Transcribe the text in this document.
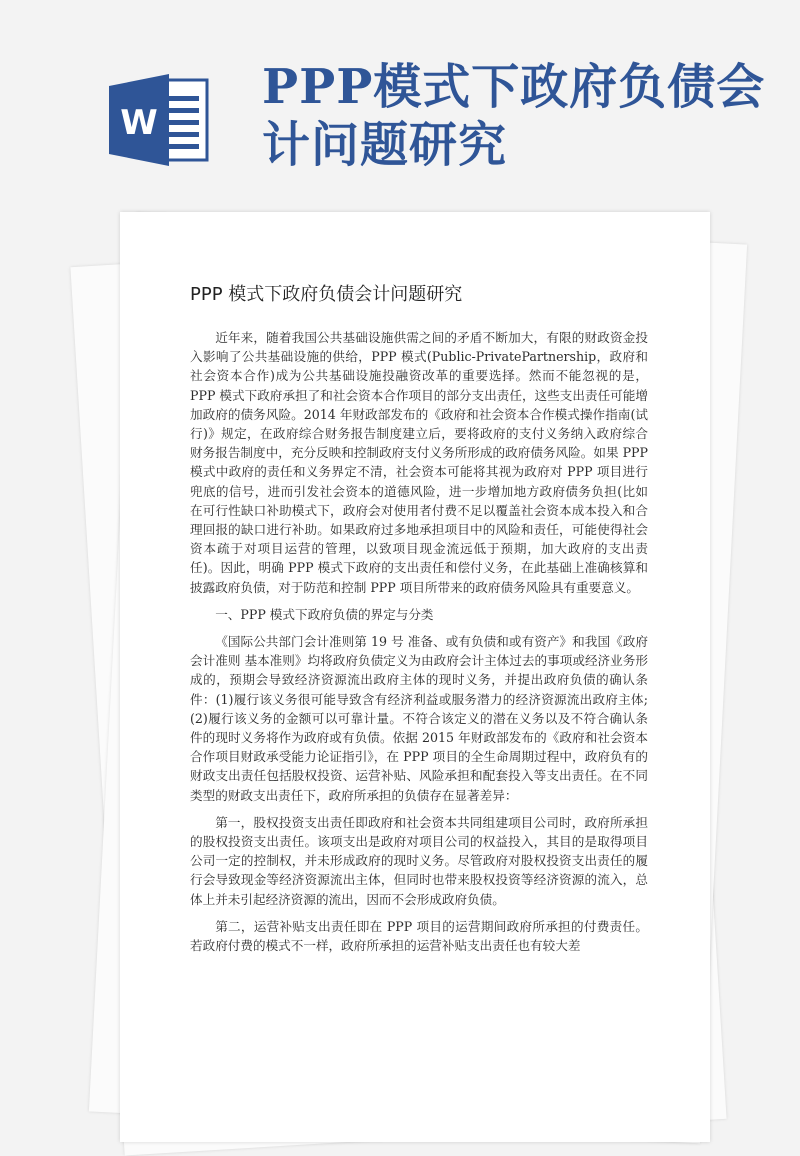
W
PPP模式下政府负债会计问题研究
PPP 模式下政府负债会计问题研究

近年来，随着我国公共基础设施供需之间的矛盾不断加大，有限的财政资金投入影响了公共基础设施的供给，PPP 模式(Public-PrivatePartnership，政府和社会资本合作)成为公共基础设施投融资改革的重要选择。然而不能忽视的是，PPP 模式下政府承担了和社会资本合作项目的部分支出责任，这些支出责任可能增加政府的债务风险。2014 年财政部发布的《政府和社会资本合作模式操作指南(试行)》规定，在政府综合财务报告制度建立后，要将政府的支付义务纳入政府综合财务报告制度中，充分反映和控制政府支付义务所形成的政府债务风险。如果 PPP 模式中政府的责任和义务界定不清，社会资本可能将其视为政府对 PPP 项目进行兜底的信号，进而引发社会资本的道德风险，进一步增加地方政府债务负担(比如在可行性缺口补助模式下，政府会对使用者付费不足以覆盖社会资本成本投入和合理回报的缺口进行补助。如果政府过多地承担项目中的风险和责任，可能使得社会资本疏于对项目运营的管理，以致项目现金流远低于预期，加大政府的支出责任)。因此，明确 PPP 模式下政府的支出责任和偿付义务，在此基础上准确核算和披露政府负债，对于防范和控制 PPP 项目所带来的政府债务风险具有重要意义。

一、PPP 模式下政府负债的界定与分类

《国际公共部门会计准则第 19 号 准备、或有负债和或有资产》和我国《政府会计准则 基本准则》均将政府负债定义为由政府会计主体过去的事项或经济业务形成的，预期会导致经济资源流出政府主体的现时义务，并提出政府负债的确认条件：(1)履行该义务很可能导致含有经济利益或服务潜力的经济资源流出政府主体;(2)履行该义务的金额可以可靠计量。不符合该定义的潜在义务以及不符合确认条件的现时义务将作为政府或有负债。依据 2015 年财政部发布的《政府和社会资本合作项目财政承受能力论证指引》，在 PPP 项目的全生命周期过程中，政府负有的财政支出责任包括股权投资、运营补贴、风险承担和配套投入等支出责任。在不同类型的财政支出责任下，政府所承担的负债存在显著差异：

第一，股权投资支出责任即政府和社会资本共同组建项目公司时，政府所承担的股权投资支出责任。该项支出是政府对项目公司的权益投入，其目的是取得项目公司一定的控制权，并未形成政府的现时义务。尽管政府对股权投资支出责任的履行会导致现金等经济资源流出主体，但同时也带来股权投资等经济资源的流入，总体上并未引起经济资源的流出，因而不会形成政府负债。

第二，运营补贴支出责任即在 PPP 项目的运营期间政府所承担的付费责任。若政府付费的模式不一样，政府所承担的运营补贴支出责任也有较大差
